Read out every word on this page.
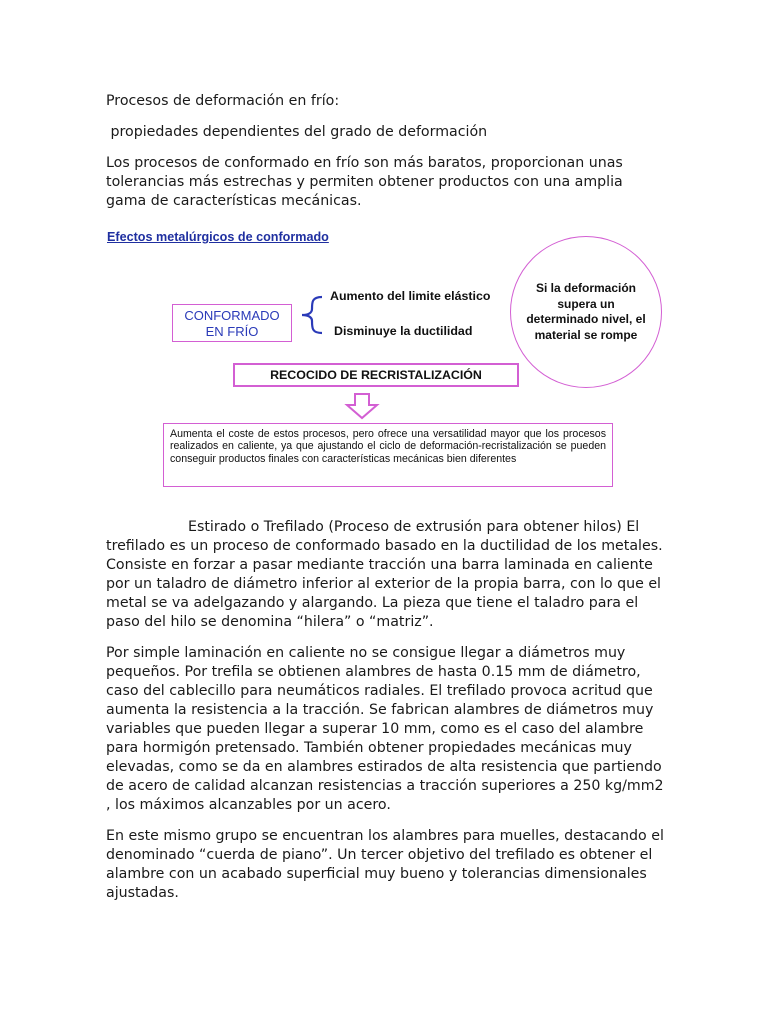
Procesos de deformación en frío:

propiedades dependientes del grado de deformación

Los procesos de conformado en frío son más baratos, proporcionan unas tolerancias más estrechas y permiten obtener productos con una amplia gama de características mecánicas.

Efectos metalúrgicos de conformado
CONFORMADO
EN FRÍO
Aumento del limite elástico
Disminuye la ductilidad
Si la deformación supera un determinado nivel, el material se rompe
RECOCIDO DE RECRISTALIZACIÓN
Aumenta el coste de estos procesos, pero ofrece una versatilidad mayor que los procesos realizados en caliente, ya que ajustando el ciclo de deformación-recristalización se pueden conseguir productos finales con características mecánicas bien diferentes

Estirado o Trefilado (Proceso de extrusión para obtener hilos) El trefilado es un proceso de conformado basado en la ductilidad de los metales. Consiste en forzar a pasar mediante tracción una barra laminada en caliente por un taladro de diámetro inferior al exterior de la propia barra, con lo que el metal se va adelgazando y alargando. La pieza que tiene el taladro para el paso del hilo se denomina “hilera” o “matriz”.

Por simple laminación en caliente no se consigue llegar a diámetros muy pequeños. Por trefila se obtienen alambres de hasta 0.15 mm de diámetro, caso del cablecillo para neumáticos radiales. El trefilado provoca acritud que aumenta la resistencia a la tracción. Se fabrican alambres de diámetros muy variables que pueden llegar a superar 10 mm, como es el caso del alambre para hormigón pretensado. También obtener propiedades mecánicas muy elevadas, como se da en alambres estirados de alta resistencia que partiendo de acero de calidad alcanzan resistencias a tracción superiores a 250 kg/mm2 , los máximos alcanzables por un acero.

En este mismo grupo se encuentran los alambres para muelles, destacando el denominado “cuerda de piano”. Un tercer objetivo del trefilado es obtener el alambre con un acabado superficial muy bueno y tolerancias dimensionales ajustadas.
